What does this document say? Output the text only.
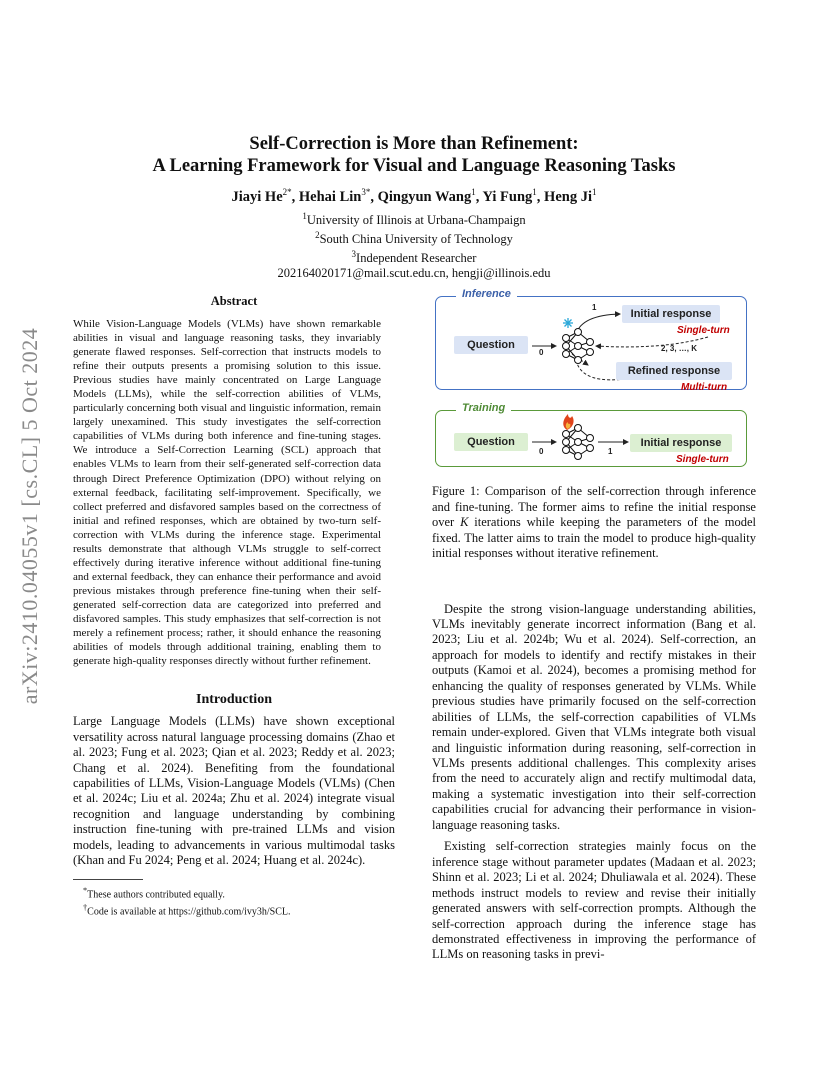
arXiv:2410.04055v1 [cs.CL] 5 Oct 2024
Self-Correction is More than Refinement:
A Learning Framework for Visual and Language Reasoning Tasks
Jiayi $He^{2*}$, Hehai Lin$^{3*}$, Qingyun Wang$^1$, Yi Fung$^1$, Heng Ji$^1$
$^1$University of Illinois at Urbana-Champaign
$^2$South China University of Technology
$^3$Independent Researcher
202164020171@mail.scut.edu.cn, hengji@illinois.edu
Abstract

While Vision-Language Models (VLMs) have shown remarkable abilities in visual and language reasoning tasks, they invariably generate flawed responses. Self-correction that instructs models to refine their outputs presents a promising solution to this issue. Previous studies have mainly concentrated on Large Language Models (LLMs), while the self-correction abilities of VLMs, particularly concerning both visual and linguistic information, remain largely unexamined. This study investigates the self-correction capabilities of VLMs during both inference and fine-tuning stages. We introduce a Self-Correction Learning (SCL) approach that enables VLMs to learn from their self-generated self-correction data through Direct Preference Optimization (DPO) without relying on external feedback, facilitating self-improvement. Specifically, we collect preferred and disfavored samples based on the correctness of initial and refined responses, which are obtained by two-turn self-correction with VLMs during the inference stage. Experimental results demonstrate that although VLMs struggle to self-correct effectively during iterative inference without additional fine-tuning and external feedback, they can enhance their performance and avoid previous mistakes through preference fine-tuning when their self-generated self-correction data are categorized into preferred and disfavored samples. This study emphasizes that self-correction is not merely a refinement process; rather, it should enhance the reasoning abilities of models through additional training, enabling them to generate high-quality responses directly without further refinement.

Introduction

Large Language Models (LLMs) have shown exceptional versatility across natural language processing domains (Zhao et al. 2023; Fung et al. 2023; Qian et al. 2023; Reddy et al. 2023; Chang et al. 2024). Benefiting from the foundational capabilities of LLMs, Vision-Language Models (VLMs) (Chen et al. 2024c; Liu et al. 2024a; Zhu et al. 2024) integrate visual recognition and language understanding by combining instruction fine-tuning with pre-trained LLMs and vision models, leading to advancements in various multimodal tasks (Khan and Fu 2024; Peng et al. 2024; Huang et al. 2024c).

*These authors contributed equally.
†Code is available at https://github.com/ivy3h/SCL.
Inference
Training
Question
Initial response
Refined response
Single-turn
Multi-turn
2, 3, …, K
1
0
Question	Initial response
Single-turn
0	1

Figure 1: Comparison of the self-correction through inference and fine-tuning. The former aims to refine the initial response over K iterations while keeping the parameters of the model fixed. The latter aims to train the model to produce high-quality initial responses without iterative refinement.

Despite the strong vision-language understanding abilities, VLMs inevitably generate incorrect information (Bang et al. 2023; Liu et al. 2024b; Wu et al. 2024). Self-correction, an approach for models to identify and rectify mistakes in their outputs (Kamoi et al. 2024), becomes a promising method for enhancing the quality of responses generated by VLMs. While previous studies have primarily focused on the self-correction abilities of LLMs, the self-correction capabilities of VLMs remain under-explored. Given that VLMs integrate both visual and linguistic information during reasoning, self-correction in VLMs presents additional challenges. This complexity arises from the need to accurately align and rectify multimodal data, making a systematic investigation into their self-correction capabilities crucial for advancing their performance in vision-language reasoning tasks.

Existing self-correction strategies mainly focus on the inference stage without parameter updates (Madaan et al. 2023; Shinn et al. 2023; Li et al. 2024; Dhuliawala et al. 2024). These methods instruct models to review and revise their initially generated answers with self-correction prompts. Although the self-correction approach during the inference stage has demonstrated effectiveness in improving the performance of LLMs on reasoning tasks in previ-
